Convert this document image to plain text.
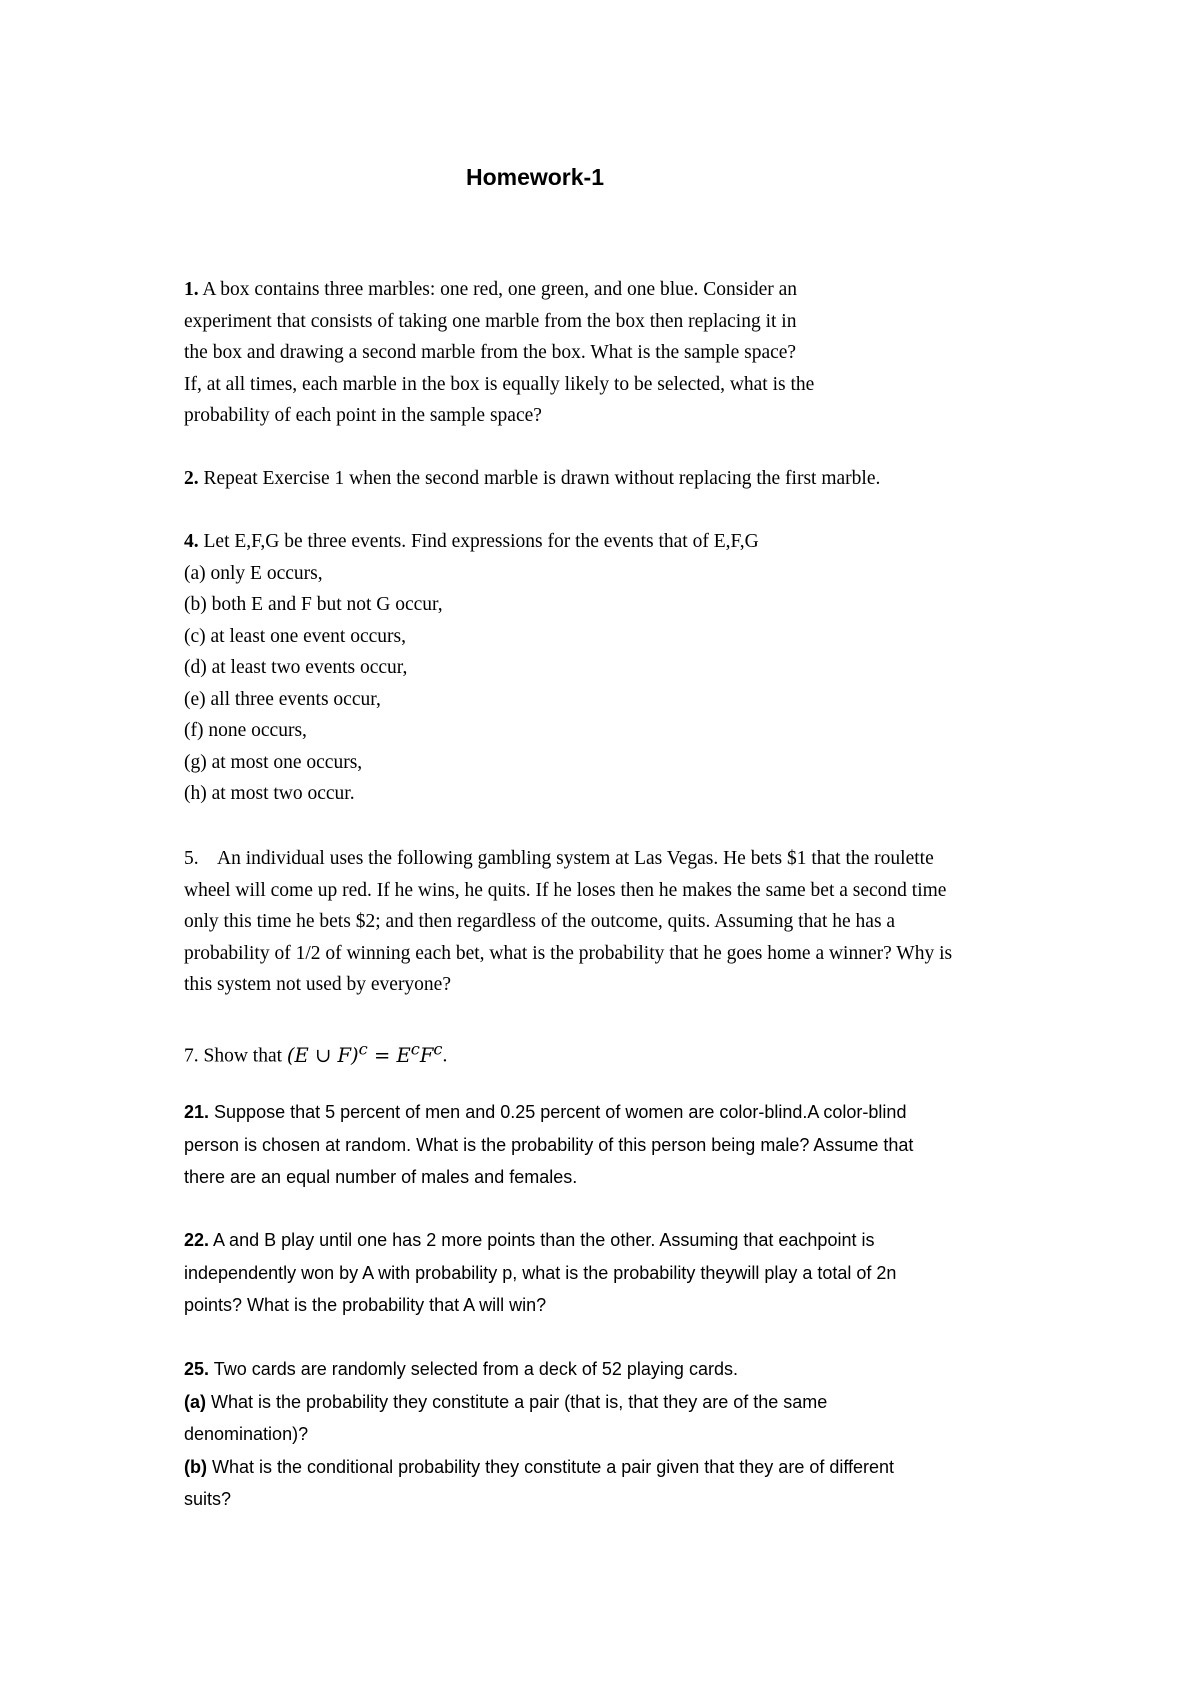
Homework-1
1. A box contains three marbles: one red, one green, and one blue. Consider an
experiment that consists of taking one marble from the box then replacing it in
the box and drawing a second marble from the box. What is the sample space?
If, at all times, each marble in the box is equally likely to be selected, what is the
probability of each point in the sample space?
2. Repeat Exercise 1 when the second marble is drawn without replacing the first marble.
4. Let E,F,G be three events. Find expressions for the events that of E,F,G
(a) only E occurs,
(b) both E and F but not G occur,
(c) at least one event occurs,
(d) at least two events occur,
(e) all three events occur,
(f) none occurs,
(g) at most one occurs,
(h) at most two occur.
5.    An individual uses the following gambling system at Las Vegas. He bets $1 that the roulette
wheel will come up red. If he wins, he quits. If he loses then he makes the same bet a second time
only this time he bets $2; and then regardless of the outcome, quits. Assuming that he has a
probability of 1/2 of winning each bet, what is the probability that he goes home a winner? Why is
this system not used by everyone?
7. Show that (E ∪ $F)^c = E^cF^c$.
21. Suppose that 5 percent of men and 0.25 percent of women are color-blind.A color-blind
person is chosen at random. What is the probability of this person being male? Assume that
there are an equal number of males and females.
22. A and B play until one has 2 more points than the other. Assuming that eachpoint is
independently won by A with probability p, what is the probability theywill play a total of 2n
points? What is the probability that A will win?
25. Two cards are randomly selected from a deck of 52 playing cards.
(a) What is the probability they constitute a pair (that is, that they are of the same
denomination)?
(b) What is the conditional probability they constitute a pair given that they are of different
suits?
